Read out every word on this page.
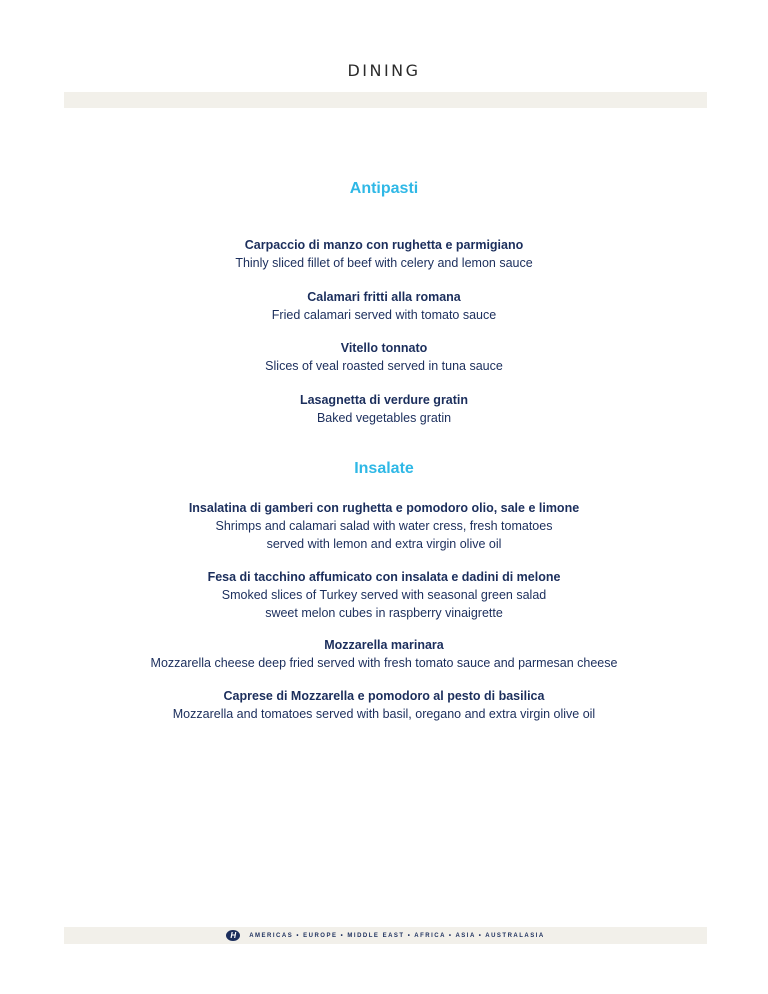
DINING
Antipasti
Carpaccio di manzo con rughetta e parmigiano
Thinly sliced fillet of beef with celery and lemon sauce
Calamari fritti alla romana
Fried calamari served with tomato sauce
Vitello tonnato
Slices of veal roasted served in tuna sauce
Lasagnetta di verdure gratin
Baked vegetables gratin
Insalate
Insalatina di gamberi con rughetta e pomodoro olio, sale e limone
Shrimps and calamari salad with water cress, fresh tomatoes
served with lemon and extra virgin olive oil
Fesa di tacchino affumicato con insalata e dadini di melone
Smoked slices of Turkey served with seasonal green salad
sweet melon cubes in raspberry vinaigrette
Mozzarella marinara
Mozzarella cheese deep fried served with fresh tomato sauce and parmesan cheese
Caprese di Mozzarella e pomodoro al pesto di basilica
Mozzarella and tomatoes served with basil, oregano and extra virgin olive oil
H	AMERICAS • EUROPE • MIDDLE EAST • AFRICA • ASIA • AUSTRALASIA
